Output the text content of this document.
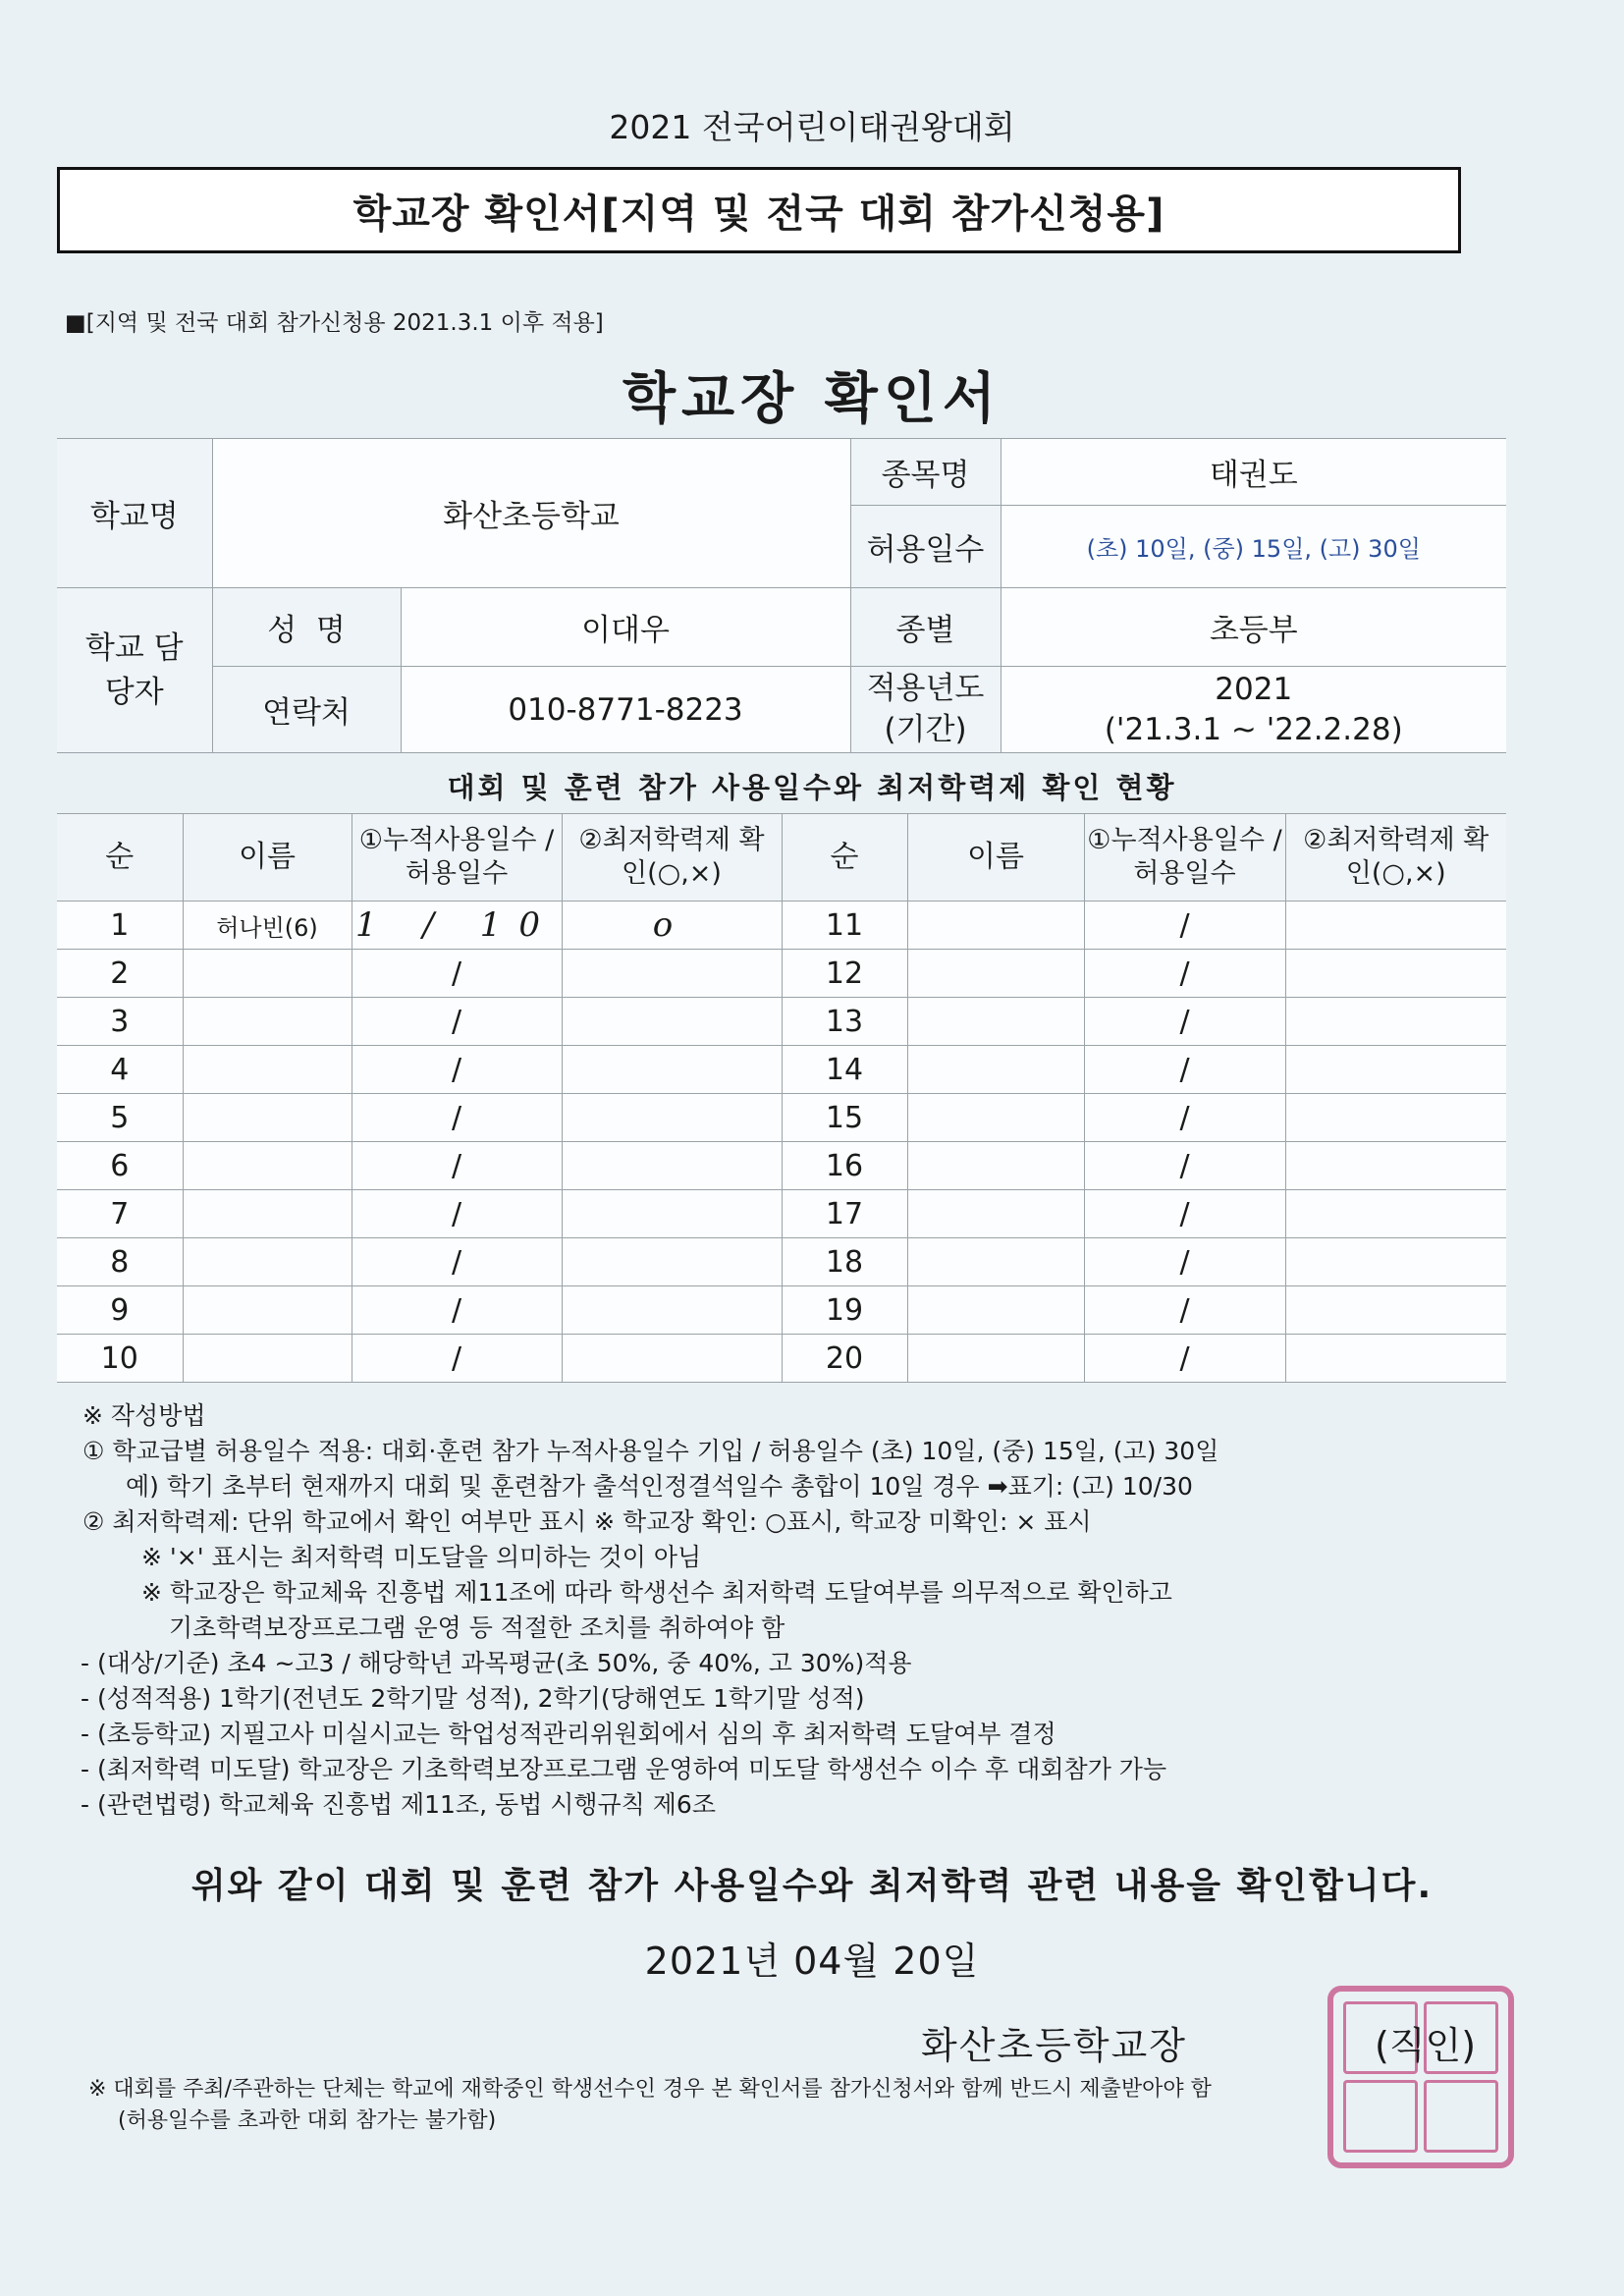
2021 전국어린이태권왕대회
학교장 확인서[지역 및 전국 대회 참가신청용]
■[지역 및 전국 대회 참가신청용 2021.3.1 이후 적용]
학교장 확인서
학교명	화산초등학교		종목명	태권도
			허용일수	(초) 10일, (중) 15일, (고) 30일
학교 담당자	성  명	이대우	종별	초등부
	연락처	010-8771-8223	적용년도 (기간)	2021
('21.3.1 ~ '22.2.28)
대회 및 훈련 참가 사용일수와 최저학력제 확인 현황
순	이름	①누적사용일수 /허용일수	②최저학력제 확인(○,×)	순	이름	①누적사용일수 /허용일수	②최저학력제 확인(○,×)
1	허나빈(6)	1 / 10	o	11		/	
2		/		12		/	
3		/		13		/	
4		/		14		/	
5		/		15		/	
6		/		16		/	
7		/		17		/	
8		/		18		/	
9		/		19		/	
10		/		20		/	
※ 작성방법
① 학교급별 허용일수 적용: 대회·훈련 참가 누적사용일수 기입 / 허용일수 (초) 10일, (중) 15일, (고) 30일
예) 학기 초부터 현재까지 대회 및 훈련참가 출석인정결석일수 총합이 10일 경우 ➡표기: (고) 10/30
② 최저학력제: 단위 학교에서 확인 여부만 표시 ※ 학교장 확인: ○표시, 학교장 미확인: × 표시
※ '×' 표시는 최저학력 미도달을 의미하는 것이 아님
※ 학교장은 학교체육 진흥법 제11조에 따라 학생선수 최저학력 도달여부를 의무적으로 확인하고
기초학력보장프로그램 운영 등 적절한 조치를 취하여야 함
- (대상/기준) 초4 ~고3 / 해당학년 과목평균(초 50%, 중 40%, 고 30%)적용
- (성적적용) 1학기(전년도 2학기말 성적), 2학기(당해연도 1학기말 성적)
- (초등학교) 지필고사 미실시교는 학업성적관리위원회에서 심의 후 최저학력 도달여부 결정
- (최저학력 미도달) 학교장은 기초학력보장프로그램 운영하여 미도달 학생선수 이수 후 대회참가 가능
- (관련법령) 학교체육 진흥법 제11조, 동법 시행규칙 제6조
위와 같이 대회 및 훈련 참가 사용일수와 최저학력 관련 내용을 확인합니다.
2021년 04월 20일
화산초등학교장	(직인)
※ 대회를 주최/주관하는 단체는 학교에 재학중인 학생선수인 경우 본 확인서를 참가신청서와 함께 반드시 제출받아야 함
(허용일수를 초과한 대회 참가는 불가함)
